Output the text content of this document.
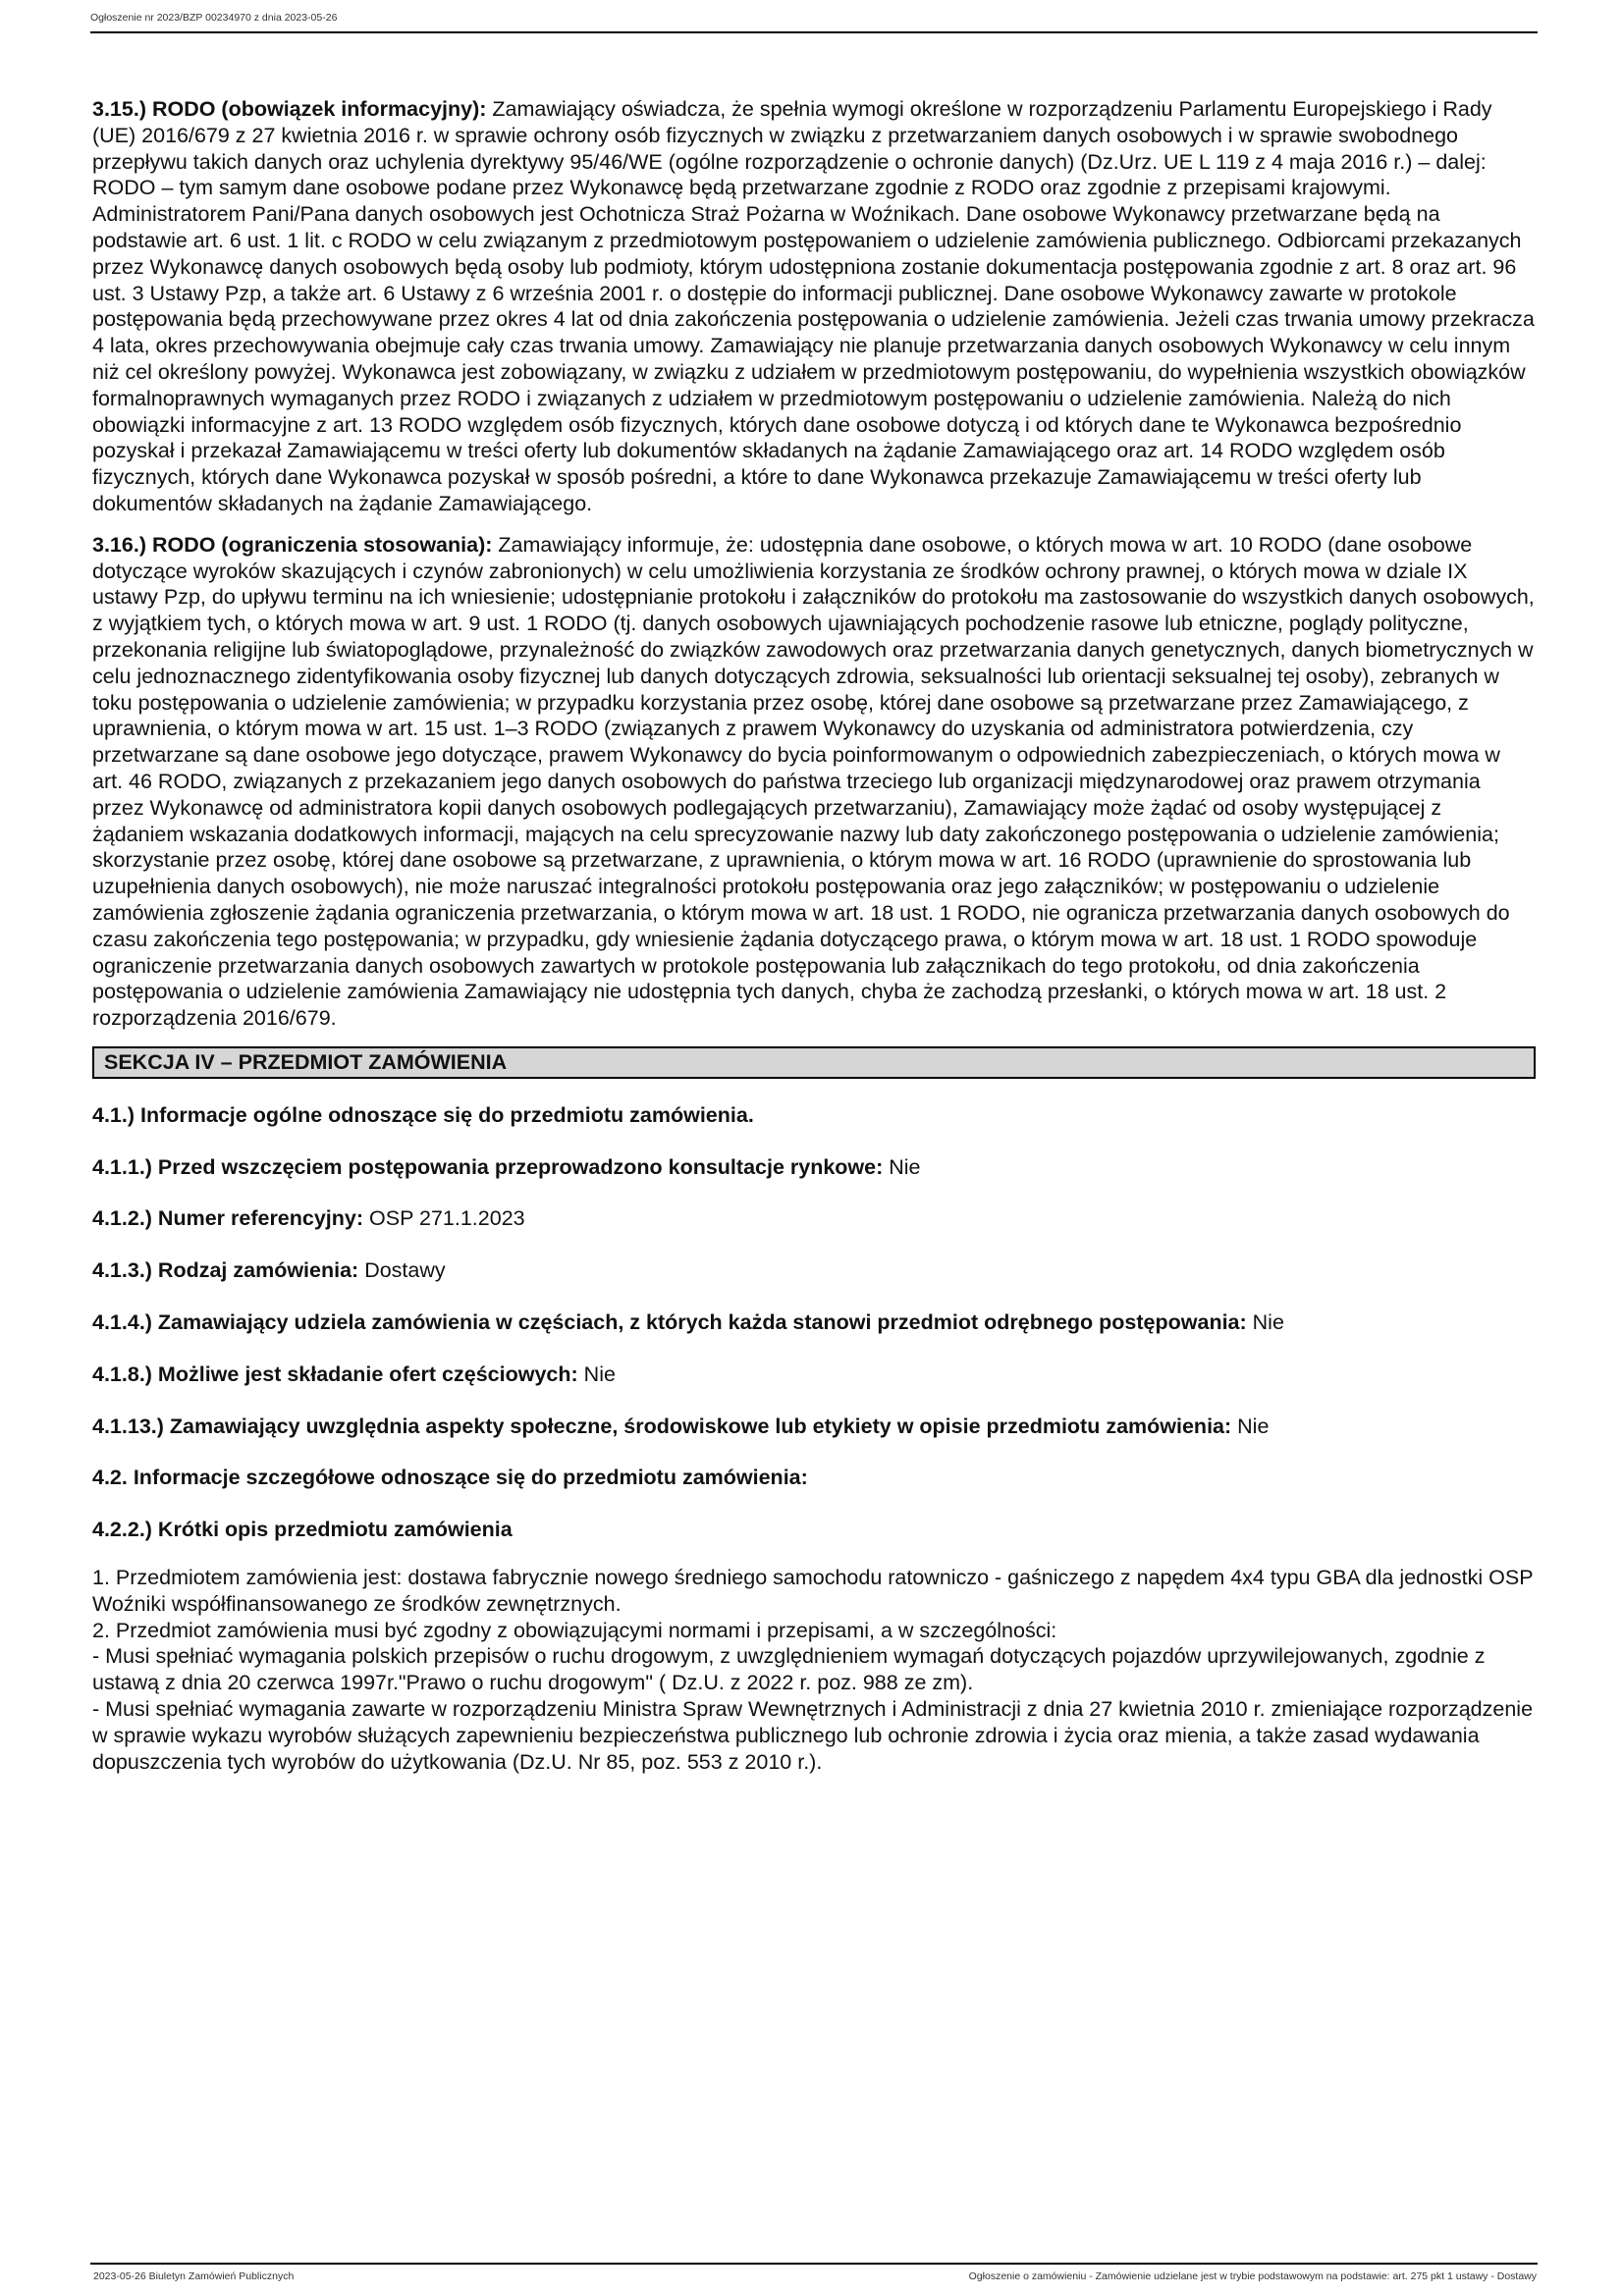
Ogłoszenie nr 2023/BZP 00234970 z dnia 2023-05-26

3.15.) RODO (obowiązek informacyjny): Zamawiający oświadcza, że spełnia wymogi określone w rozporządzeniu Parlamentu Europejskiego i Rady (UE) 2016/679 z 27 kwietnia 2016 r. w sprawie ochrony osób fizycznych w związku z przetwarzaniem danych osobowych i w sprawie swobodnego przepływu takich danych oraz uchylenia dyrektywy 95/46/WE (ogólne rozporządzenie o ochronie danych) (Dz.Urz. UE L 119 z 4 maja 2016 r.) – dalej: RODO – tym samym dane osobowe podane przez Wykonawcę będą przetwarzane zgodnie z RODO oraz zgodnie z przepisami krajowymi. Administratorem Pani/Pana danych osobowych jest Ochotnicza Straż Pożarna w Woźnikach. Dane osobowe Wykonawcy przetwarzane będą na podstawie art. 6 ust. 1 lit. c RODO w celu związanym z przedmiotowym postępowaniem o udzielenie zamówienia publicznego. Odbiorcami przekazanych przez Wykonawcę danych osobowych będą osoby lub podmioty, którym udostępniona zostanie dokumentacja postępowania zgodnie z art. 8 oraz art. 96 ust. 3 Ustawy Pzp, a także art. 6 Ustawy z 6 września 2001 r. o dostępie do informacji publicznej. Dane osobowe Wykonawcy zawarte w protokole postępowania będą przechowywane przez okres 4 lat od dnia zakończenia postępowania o udzielenie zamówienia. Jeżeli czas trwania umowy przekracza 4 lata, okres przechowywania obejmuje cały czas trwania umowy. Zamawiający nie planuje przetwarzania danych osobowych Wykonawcy w celu innym niż cel określony powyżej. Wykonawca jest zobowiązany, w związku z udziałem w przedmiotowym postępowaniu, do wypełnienia wszystkich obowiązków formalnoprawnych wymaganych przez RODO i związanych z udziałem w przedmiotowym postępowaniu o udzielenie zamówienia. Należą do nich obowiązki informacyjne z art. 13 RODO względem osób fizycznych, których dane osobowe dotyczą i od których dane te Wykonawca bezpośrednio pozyskał i przekazał Zamawiającemu w treści oferty lub dokumentów składanych na żądanie Zamawiającego oraz art. 14 RODO względem osób fizycznych, których dane Wykonawca pozyskał w sposób pośredni, a które to dane Wykonawca przekazuje Zamawiającemu w treści oferty lub dokumentów składanych na żądanie Zamawiającego.

3.16.) RODO (ograniczenia stosowania): Zamawiający informuje, że: udostępnia dane osobowe, o których mowa w art. 10 RODO (dane osobowe dotyczące wyroków skazujących i czynów zabronionych) w celu umożliwienia korzystania ze środków ochrony prawnej, o których mowa w dziale IX ustawy Pzp, do upływu terminu na ich wniesienie; udostępnianie protokołu i załączników do protokołu ma zastosowanie do wszystkich danych osobowych, z wyjątkiem tych, o których mowa w art. 9 ust. 1 RODO (tj. danych osobowych ujawniających pochodzenie rasowe lub etniczne, poglądy polityczne, przekonania religijne lub światopoglądowe, przynależność do związków zawodowych oraz przetwarzania danych genetycznych, danych biometrycznych w celu jednoznacznego zidentyfikowania osoby fizycznej lub danych dotyczących zdrowia, seksualności lub orientacji seksualnej tej osoby), zebranych w toku postępowania o udzielenie zamówienia; w przypadku korzystania przez osobę, której dane osobowe są przetwarzane przez Zamawiającego, z uprawnienia, o którym mowa w art. 15 ust. 1–3 RODO (związanych z prawem Wykonawcy do uzyskania od administratora potwierdzenia, czy przetwarzane są dane osobowe jego dotyczące, prawem Wykonawcy do bycia poinformowanym o odpowiednich zabezpieczeniach, o których mowa w art. 46 RODO, związanych z przekazaniem jego danych osobowych do państwa trzeciego lub organizacji międzynarodowej oraz prawem otrzymania przez Wykonawcę od administratora kopii danych osobowych podlegających przetwarzaniu), Zamawiający może żądać od osoby występującej z żądaniem wskazania dodatkowych informacji, mających na celu sprecyzowanie nazwy lub daty zakończonego postępowania o udzielenie zamówienia; skorzystanie przez osobę, której dane osobowe są przetwarzane, z uprawnienia, o którym mowa w art. 16 RODO (uprawnienie do sprostowania lub uzupełnienia danych osobowych), nie może naruszać integralności protokołu postępowania oraz jego załączników; w postępowaniu o udzielenie zamówienia zgłoszenie żądania ograniczenia przetwarzania, o którym mowa w art. 18 ust. 1 RODO, nie ogranicza przetwarzania danych osobowych do czasu zakończenia tego postępowania; w przypadku, gdy wniesienie żądania dotyczącego prawa, o którym mowa w art. 18 ust. 1 RODO spowoduje ograniczenie przetwarzania danych osobowych zawartych w protokole postępowania lub załącznikach do tego protokołu, od dnia zakończenia postępowania o udzielenie zamówienia Zamawiający nie udostępnia tych danych, chyba że zachodzą przesłanki, o których mowa w art. 18 ust. 2 rozporządzenia 2016/679.

SEKCJA IV – PRZEDMIOT ZAMÓWIENIA
4.1.) Informacje ogólne odnoszące się do przedmiotu zamówienia.
4.1.1.) Przed wszczęciem postępowania przeprowadzono konsultacje rynkowe: Nie
4.1.2.) Numer referencyjny: OSP 271.1.2023
4.1.3.) Rodzaj zamówienia: Dostawy
4.1.4.) Zamawiający udziela zamówienia w częściach, z których każda stanowi przedmiot odrębnego postępowania: Nie
4.1.8.) Możliwe jest składanie ofert częściowych: Nie
4.1.13.) Zamawiający uwzględnia aspekty społeczne, środowiskowe lub etykiety w opisie przedmiotu zamówienia: Nie
4.2. Informacje szczegółowe odnoszące się do przedmiotu zamówienia:
4.2.2.) Krótki opis przedmiotu zamówienia

1. Przedmiotem zamówienia jest: dostawa fabrycznie nowego średniego samochodu ratowniczo - gaśniczego z napędem 4x4 typu GBA dla jednostki OSP Woźniki współfinansowanego ze środków zewnętrznych.

2. Przedmiot zamówienia musi być zgodny z obowiązującymi normami i przepisami, a w szczególności:

- Musi spełniać wymagania polskich przepisów o ruchu drogowym, z uwzględnieniem wymagań dotyczących pojazdów uprzywilejowanych, zgodnie z ustawą z dnia 20 czerwca 1997r."Prawo o ruchu drogowym" ( Dz.U. z 2022 r. poz. 988 ze zm).

- Musi spełniać wymagania zawarte w rozporządzeniu Ministra Spraw Wewnętrznych i Administracji z dnia 27 kwietnia 2010 r. zmieniające rozporządzenie w sprawie wykazu wyrobów służących zapewnieniu bezpieczeństwa publicznego lub ochronie zdrowia i życia oraz mienia, a także zasad wydawania dopuszczenia tych wyrobów do użytkowania (Dz.U. Nr 85, poz. 553 z 2010 r.).

2023-05-26 Biuletyn Zamówień Publicznych	Ogłoszenie o zamówieniu - Zamówienie udzielane jest w trybie podstawowym na podstawie: art. 275 pkt 1 ustawy - Dostawy
